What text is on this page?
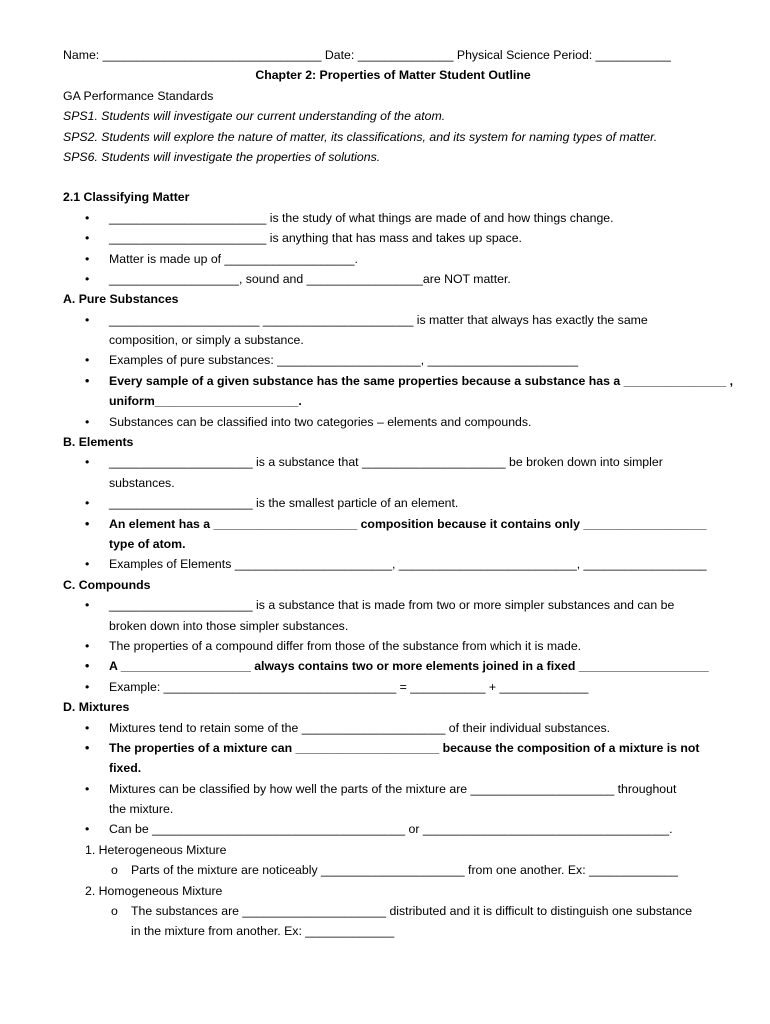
Name: ________________________________ Date: ______________ Physical Science Period: ___________
Chapter 2: Properties of Matter Student Outline
GA Performance Standards
SPS1. Students will investigate our current understanding of the atom.
SPS2. Students will explore the nature of matter, its classifications, and its system for naming types of matter.
SPS6. Students will investigate the properties of solutions.
2.1 Classifying Matter
• _______________________ is the study of what things are made of and how things change.
• _______________________ is anything that has mass and takes up space.
• Matter is made up of ___________________.
• ___________________, sound and _________________are NOT matter.
A. Pure Substances
• ______________________ ______________________ is matter that always has exactly the same
composition, or simply a substance.
• Examples of pure substances: _____________________, ______________________
• Every sample of a given substance has the same properties because a substance has a _______________ ,
uniform_____________________.
• Substances can be classified into two categories – elements and compounds.
B. Elements
• _____________________ is a substance that _____________________ be broken down into simpler
substances.
• _____________________ is the smallest particle of an element.
• An element has a _____________________ composition because it contains only __________________
type of atom.
• Examples of Elements _______________________, __________________________, __________________
C. Compounds
• _____________________ is a substance that is made from two or more simpler substances and can be
broken down into those simpler substances.
• The properties of a compound differ from those of the substance from which it is made.
• A ___________________ always contains two or more elements joined in a fixed ___________________
• Example: __________________________________ = ___________ + _____________
D. Mixtures
• Mixtures tend to retain some of the _____________________ of their individual substances.
• The properties of a mixture can _____________________ because the composition of a mixture is not
fixed.
• Mixtures can be classified by how well the parts of the mixture are _____________________ throughout
the mixture.
• Can be _____________________________________ or ____________________________________.
1. Heterogeneous Mixture
o Parts of the mixture are noticeably _____________________ from one another. Ex: _____________
2. Homogeneous Mixture
o The substances are _____________________ distributed and it is difficult to distinguish one substance
in the mixture from another. Ex: _____________
